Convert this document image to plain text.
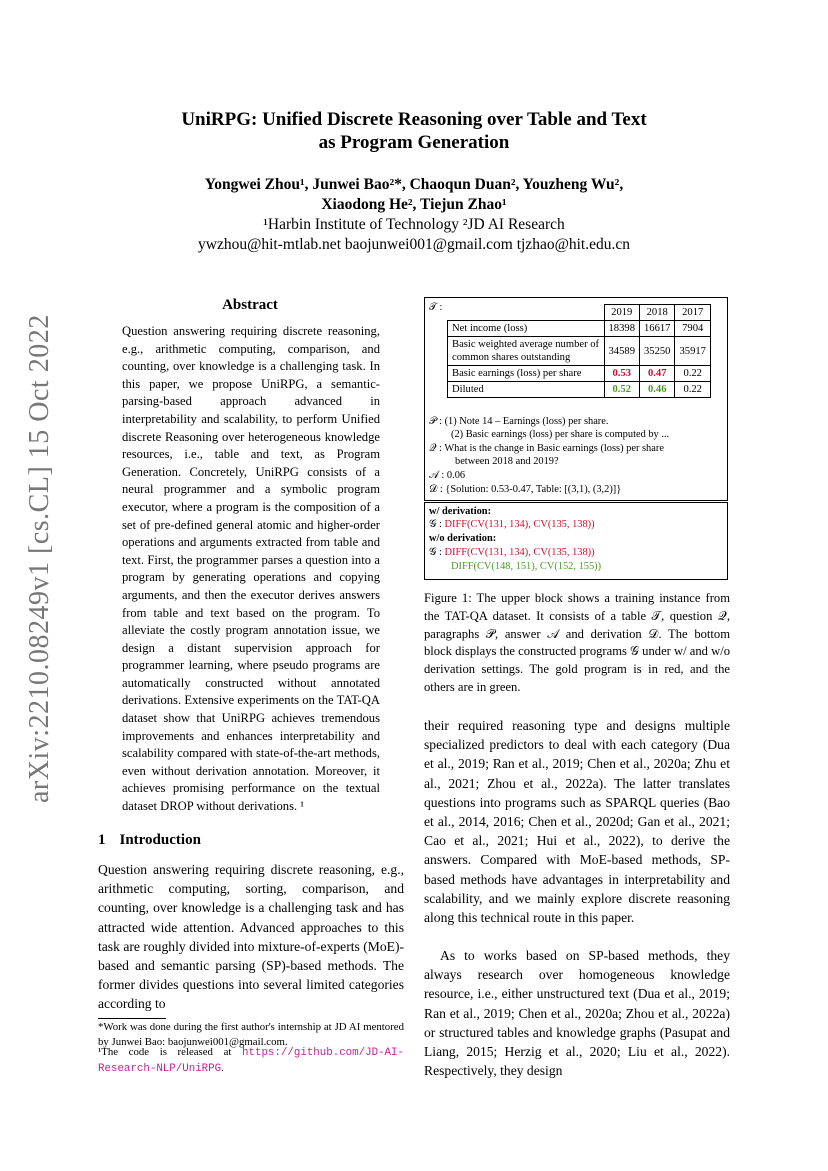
arXiv:2210.08249v1 [cs.CL] 15 Oct 2022
UniRPG: Unified Discrete Reasoning over Table and Text
as Program Generation
Yongwei Zhou¹, Junwei Bao²*, Chaoqun Duan², Youzheng Wu²,
Xiaodong He², Tiejun Zhao¹
¹Harbin Institute of Technology ²JD AI Research
ywzhou@hit-mtlab.net baojunwei001@gmail.com tjzhao@hit.edu.cn
Abstract
Question answering requiring discrete reasoning, e.g., arithmetic computing, comparison, and counting, over knowledge is a challenging task. In this paper, we propose UniRPG, a semantic-parsing-based approach advanced in interpretability and scalability, to perform Unified discrete Reasoning over heterogeneous knowledge resources, i.e., table and text, as Program Generation. Concretely, UniRPG consists of a neural programmer and a symbolic program executor, where a program is the composition of a set of pre-defined general atomic and higher-order operations and arguments extracted from table and text. First, the programmer parses a question into a program by generating operations and copying arguments, and then the executor derives answers from table and text based on the program. To alleviate the costly program annotation issue, we design a distant supervision approach for programmer learning, where pseudo programs are automatically constructed without annotated derivations. Extensive experiments on the TAT-QA dataset show that UniRPG achieves tremendous improvements and enhances interpretability and scalability compared with state-of-the-art methods, even without derivation annotation. Moreover, it achieves promising performance on the textual dataset DROP without derivations. ¹
1 Introduction
Question answering requiring discrete reasoning, e.g., arithmetic computing, sorting, comparison, and counting, over knowledge is a challenging task and has attracted wide attention. Advanced approaches to this task are roughly divided into mixture-of-experts (MoE)-based and semantic parsing (SP)-based methods. The former divides questions into several limited categories according to
*Work was done during the first author's internship at JD AI mentored by Junwei Bao: baojunwei001@gmail.com.
¹The code is released at https://github.com/JD-AI-Research-NLP/UniRPG.
𝒯 :
		2019	2018	2017
Net income (loss)	18398	16617	7904
Basic weighted average number of common shares outstanding	34589	35250	35917
Basic earnings (loss) per share	0.53	0.47	0.22
Diluted	0.52	0.46	0.22
𝒫 : (1) Note 14 – Earnings (loss) per share.
(2) Basic earnings (loss) per share is computed by ...
𝒬 : What is the change in Basic earnings (loss) per share
between 2018 and 2019?
𝒜 : 0.06
𝒟 : {Solution: 0.53-0.47, Table: [(3,1), (3,2)]}
w/ derivation:
𝒢 : DIFF(CV(131, 134), CV(135, 138))
w/o derivation:
𝒢 : DIFF(CV(131, 134), CV(135, 138))
DIFF(CV(148, 151), CV(152, 155))
Figure 1: The upper block shows a training instance from the TAT-QA dataset. It consists of a table 𝒯, question 𝒬, paragraphs 𝒫, answer 𝒜 and derivation 𝒟. The bottom block displays the constructed programs 𝒢 under w/ and w/o derivation settings. The gold program is in red, and the others are in green.
their required reasoning type and designs multiple specialized predictors to deal with each category (Dua et al., 2019; Ran et al., 2019; Chen et al., 2020a; Zhu et al., 2021; Zhou et al., 2022a). The latter translates questions into programs such as SPARQL queries (Bao et al., 2014, 2016; Chen et al., 2020d; Gan et al., 2021; Cao et al., 2021; Hui et al., 2022), to derive the answers. Compared with MoE-based methods, SP-based methods have advantages in interpretability and scalability, and we mainly explore discrete reasoning along this technical route in this paper.
As to works based on SP-based methods, they always research over homogeneous knowledge resource, i.e., either unstructured text (Dua et al., 2019; Ran et al., 2019; Chen et al., 2020a; Zhou et al., 2022a) or structured tables and knowledge graphs (Pasupat and Liang, 2015; Herzig et al., 2020; Liu et al., 2022). Respectively, they design
